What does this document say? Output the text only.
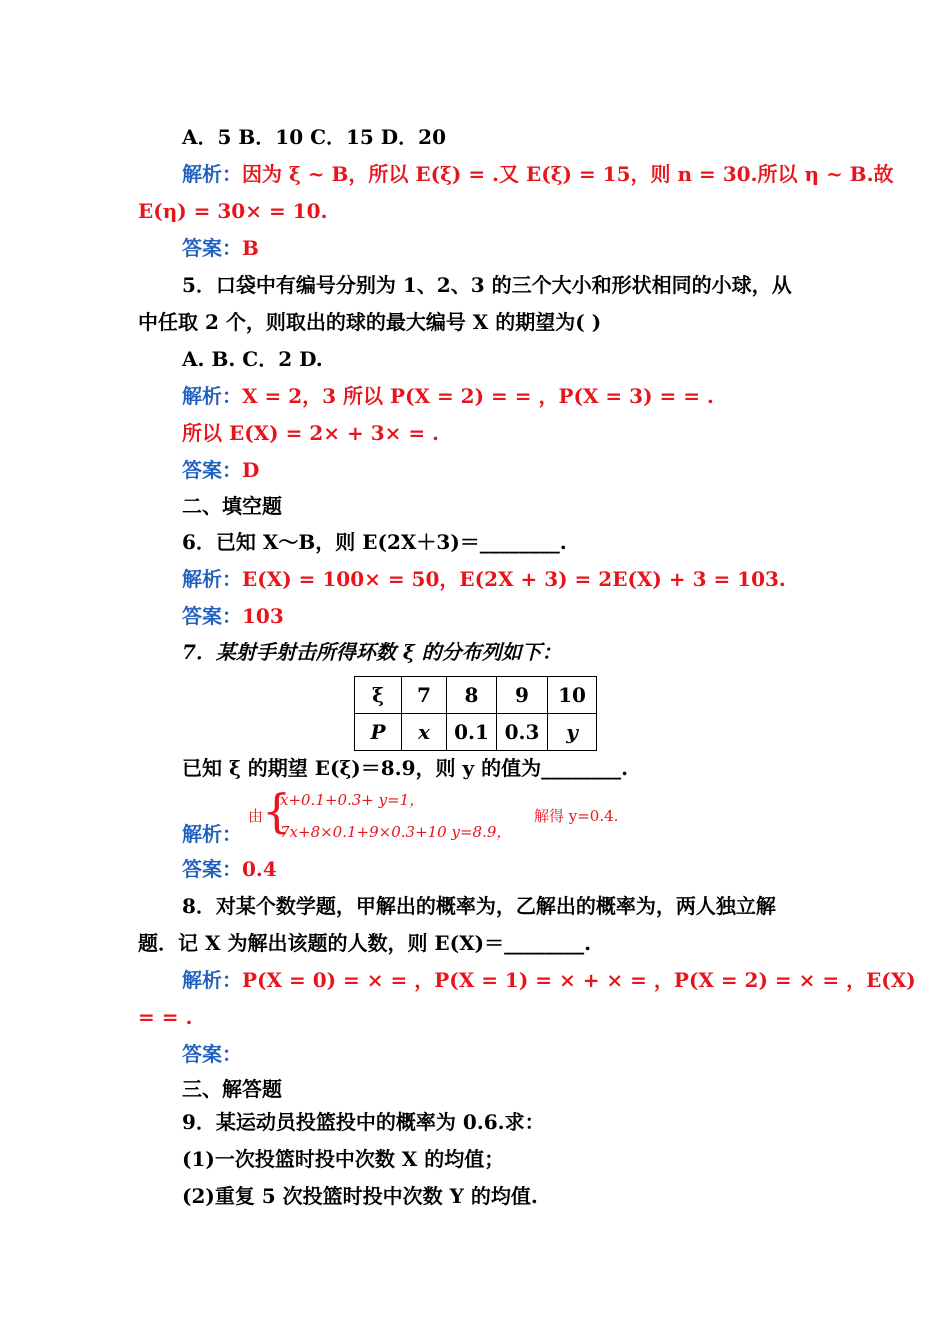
A．5 B．10 C．15 D．20
解析：因为 ξ ~ B，所以 E(ξ) = .又 E(ξ) = 15，则 n = 30.所以 η ~ B.故
E(η) = 30× = 10.
答案：B
5．口袋中有编号分别为 1、2、3 的三个大小和形状相同的小球，从
中任取 2 个，则取出的球的最大编号 X 的期望为( )
A. B. C．2 D.
解析：X = 2，3 所以 P(X = 2) = = ，P(X = 3) = = .
所以 E(X) = 2× + 3× = .
答案：D
二、填空题
6．已知 X～B，则 E(2X＋3)＝________.
解析：E(X) = 100× = 50，E(2X + 3) = 2E(X) + 3 = 103.
答案：103
7．某射手射击所得环数 ξ 的分布列如下：
ξ	7	8	9	10
P	x	0.1	0.3	y
已知 ξ 的期望 E(ξ)＝8.9，则 y 的值为________.
解析：
由
{
x+0.1+0.3+ y=1，
7x+8×0.1+9×0.3+10 y=8.9，
解得 y=0.4.
答案：0.4
8．对某个数学题，甲解出的概率为，乙解出的概率为，两人独立解
题．记 X 为解出该题的人数，则 E(X)＝________.
解析：P(X = 0) = × = ，P(X = 1) = × + × = ，P(X = 2) = × = ，E(X)
= = .
答案：
三、解答题
9．某运动员投篮投中的概率为 0.6.求：
(1)一次投篮时投中次数 X 的均值；
(2)重复 5 次投篮时投中次数 Y 的均值.
